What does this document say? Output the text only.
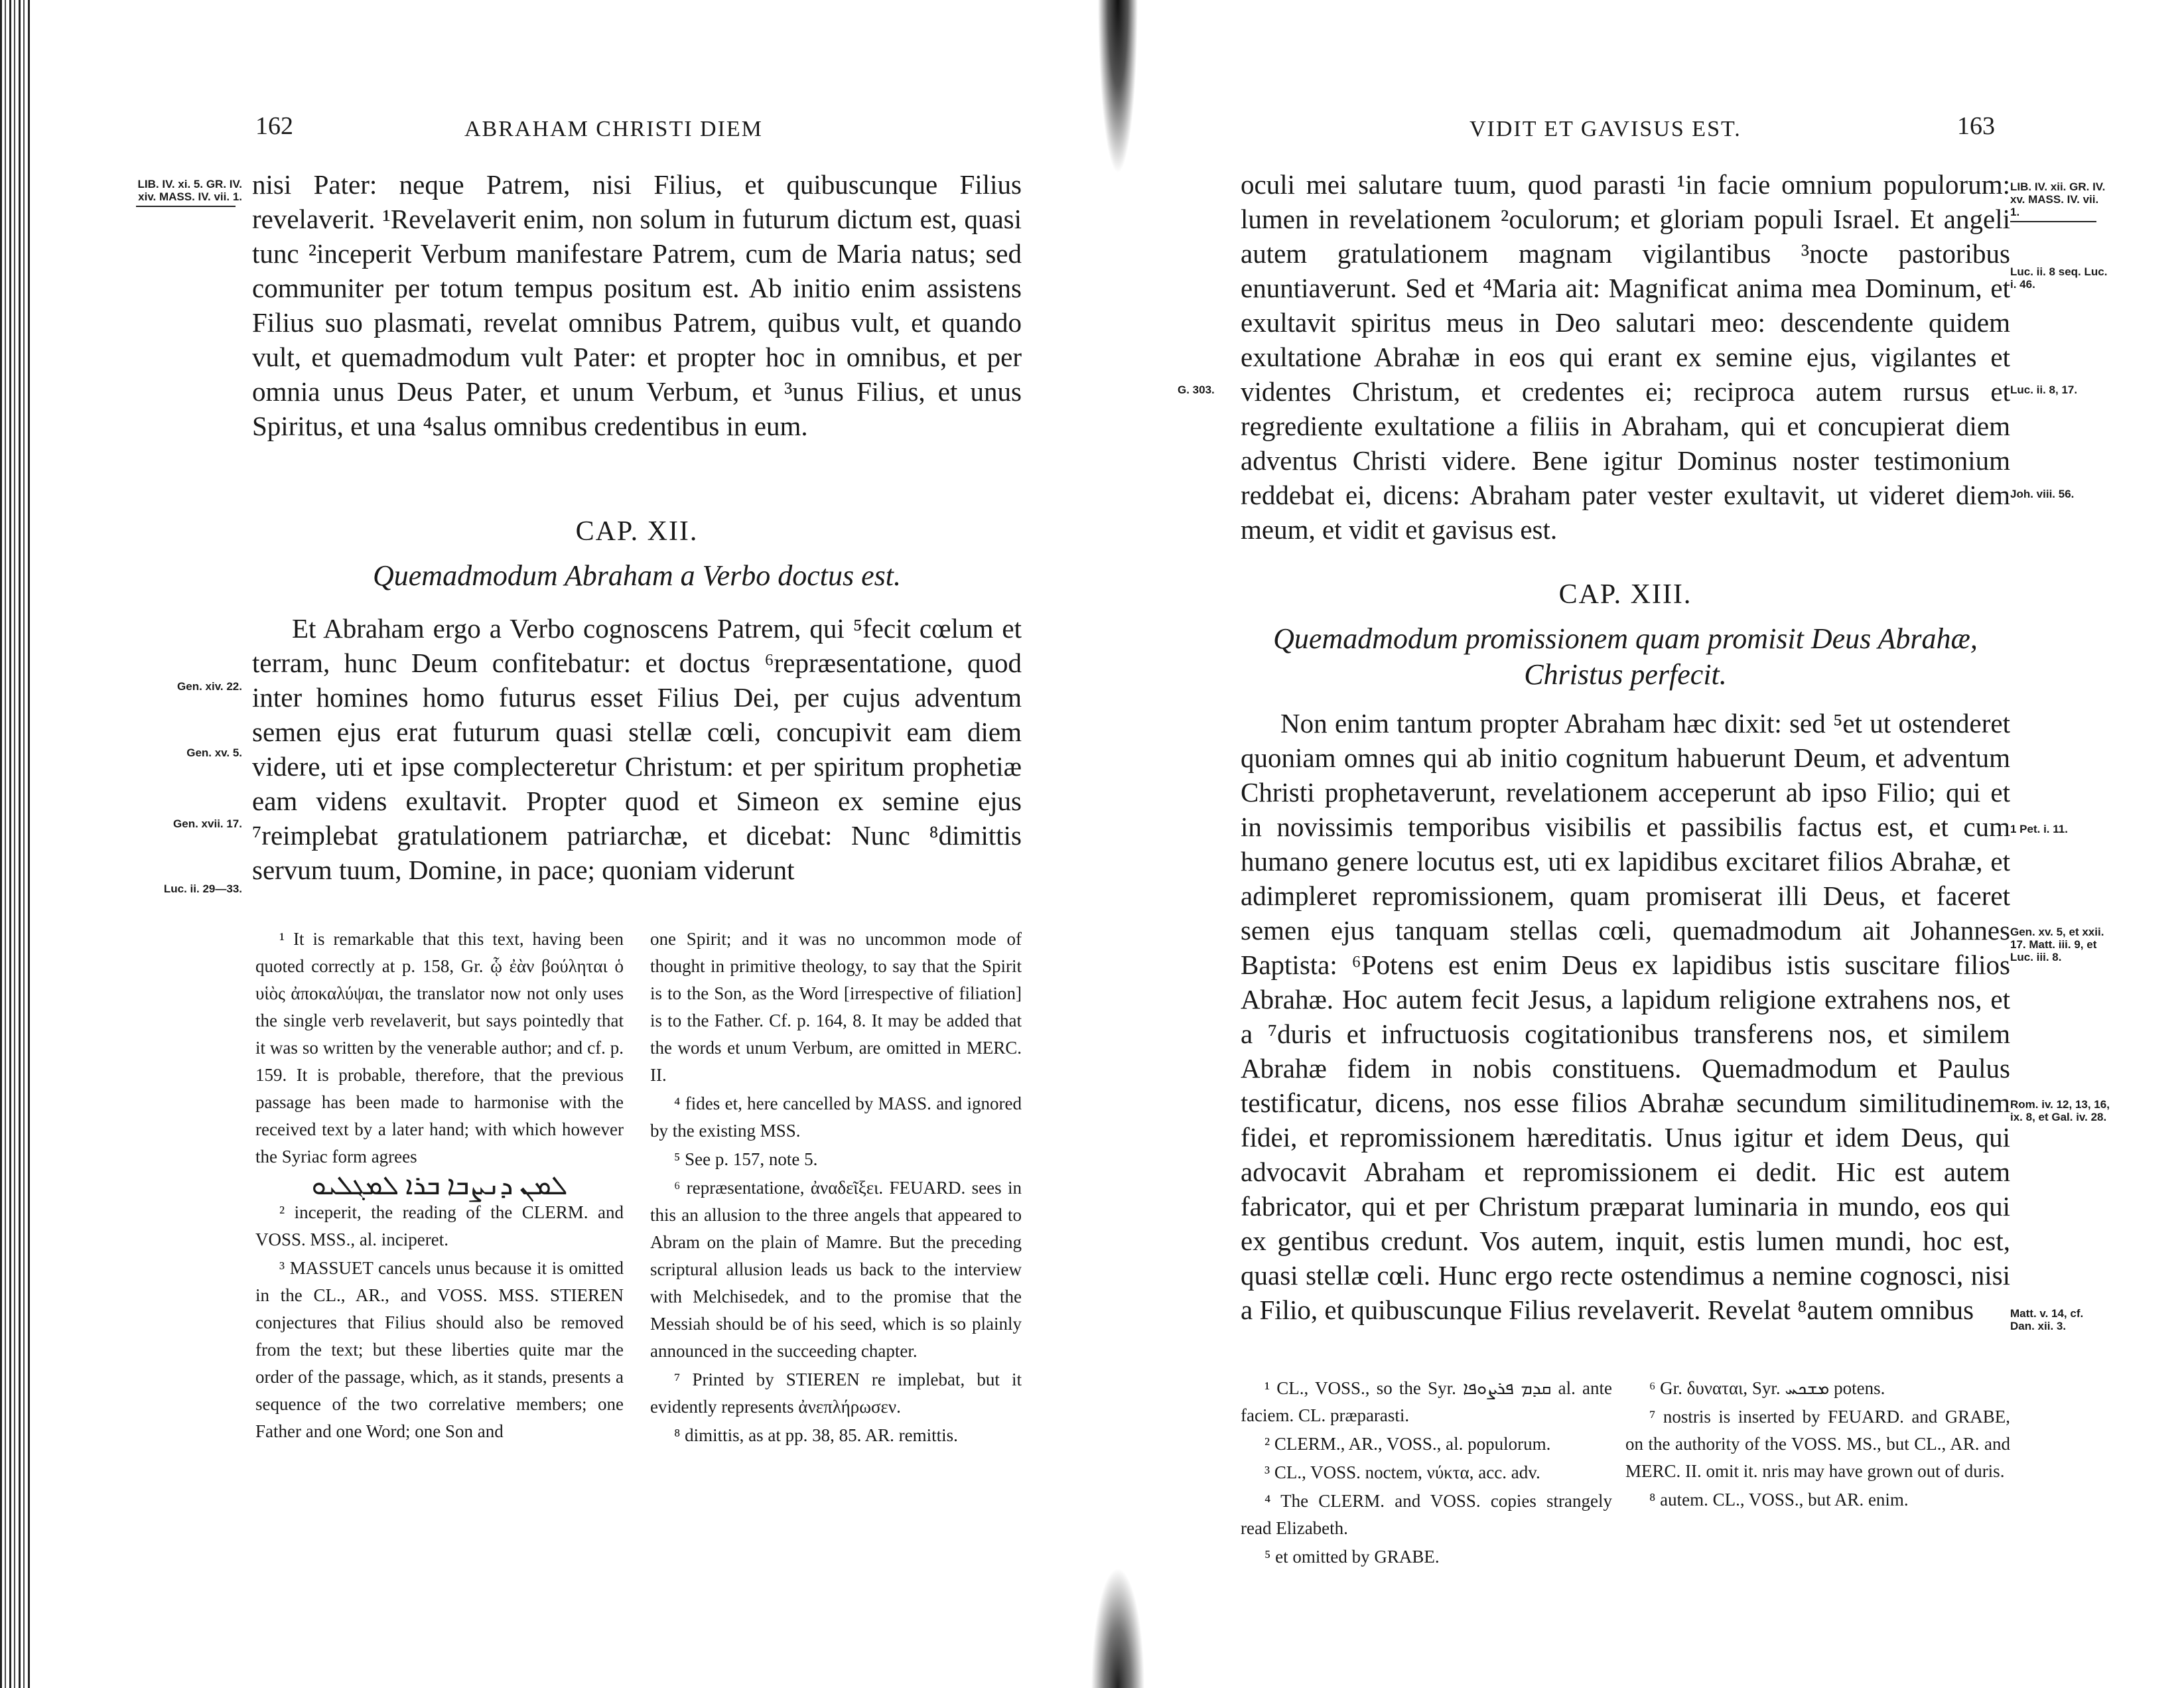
162	ABRAHAM CHRISTI DIEM

nisi Pater: neque Patrem, nisi Filius, et quibuscunque Filius revelaverit. ¹Revelaverit enim, non solum in futurum dictum est, quasi tunc ²inceperit Verbum manifestare Patrem, cum de Maria natus; sed communiter per totum tempus positum est. Ab initio enim assistens Filius suo plasmati, revelat omnibus Patrem, quibus vult, et quando vult, et quemadmodum vult Pater: et propter hoc in omnibus, et per omnia unus Deus Pater, et unum Verbum, et ³unus Filius, et unus Spiritus, et una ⁴salus omnibus credentibus in eum.

CAP. XII.
Quemadmodum Abraham a Verbo doctus est.

Et Abraham ergo a Verbo cognoscens Patrem, qui ⁵fecit cœlum et terram, hunc Deum confitebatur: et doctus ⁶repræsentatione, quod inter homines homo futurus esset Filius Dei, per cujus adventum semen ejus erat futurum quasi stellæ cœli, concupivit eam diem videre, uti et ipse complecteretur Christum: et per spiritum prophetiæ eam videns exultavit. Propter quod et Simeon ex semine ejus ⁷reimplebat gratulationem patriarchæ, et dicebat: Nunc ⁸dimittis servum tuum, Domine, in pace; quoniam viderunt

¹ It is remarkable that this text, having been quoted correctly at p. 158, Gr. ᾧ ἐὰν βούληται ὁ υἱὸς ἀποκαλύψαι, the translator now not only uses the single verb revelaverit, but says pointedly that it was so written by the venerable author; and cf. p. 159. It is probable, therefore, that the previous passage has been made to harmonise with the received text by a later hand; with which however the Syriac form agrees

ܠܡܢ ܕܢܨܒܐ ܒܪܐ ܠܡܓܠܝܘ

² inceperit, the reading of the CLERM. and VOSS. MSS., al. inciperet.

³ MASSUET cancels unus because it is omitted in the CL., AR., and VOSS. MSS. STIEREN conjectures that Filius should also be removed from the text; but these liberties quite mar the order of the passage, which, as it stands, presents a sequence of the two correlative members; one Father and one Word; one Son and

one Spirit; and it was no uncommon mode of thought in primitive theology, to say that the Spirit is to the Son, as the Word [irrespective of filiation] is to the Father. Cf. p. 164, 8. It may be added that the words et unum Verbum, are omitted in MERC. II.

⁴ fides et, here cancelled by MASS. and ignored by the existing MSS.

⁵ See p. 157, note 5.

⁶ repræsentatione, ἀναδεῖξει. FEUARD. sees in this an allusion to the three angels that appeared to Abram on the plain of Mamre. But the preceding scriptural allusion leads us back to the interview with Melchisedek, and to the promise that the Messiah should be of his seed, which is so plainly announced in the succeeding chapter.

⁷ Printed by STIEREN re implebat, but it evidently represents ἀνεπλήρωσεν.

⁸ dimittis, as at pp. 38, 85. AR. remittis.

LIB. IV. xi. 5. GR. IV. xiv. MASS. IV. vii. 1.
Gen. xiv. 22.
Gen. xv. 5.
Gen. xvii. 17.
Luc. ii. 29—33.
VIDIT ET GAVISUS EST.	163

oculi mei salutare tuum, quod parasti ¹in facie omnium populorum: lumen in revelationem ²oculorum; et gloriam populi Israel. Et angeli autem gratulationem magnam vigilantibus ³nocte pastoribus enuntiaverunt. Sed et ⁴Maria ait: Magnificat anima mea Dominum, et exultavit spiritus meus in Deo salutari meo: descendente quidem exultatione Abrahæ in eos qui erant ex semine ejus, vigilantes et videntes Christum, et credentes ei; reciproca autem rursus et regrediente exultatione a filiis in Abraham, qui et concupierat diem adventus Christi videre. Bene igitur Dominus noster testimonium reddebat ei, dicens: Abraham pater vester exultavit, ut videret diem meum, et vidit et gavisus est.

CAP. XIII.
Quemadmodum promissionem quam promisit Deus Abrahæ, Christus perfecit.

Non enim tantum propter Abraham hæc dixit: sed ⁵et ut ostenderet quoniam omnes qui ab initio cognitum habuerunt Deum, et adventum Christi prophetaverunt, revelationem acceperunt ab ipso Filio; qui et in novissimis temporibus visibilis et passibilis factus est, et cum humano genere locutus est, uti ex lapidibus excitaret filios Abrahæ, et adimpleret repromissionem, quam promiserat illi Deus, et faceret semen ejus tanquam stellas cœli, quemadmodum ait Johannes Baptista: ⁶Potens est enim Deus ex lapidibus istis suscitare filios Abrahæ. Hoc autem fecit Jesus, a lapidum religione extrahens nos, et a ⁷duris et infructuosis cogitationibus transferens nos, et similem Abrahæ fidem in nobis constituens. Quemadmodum et Paulus testificatur, dicens, nos esse filios Abrahæ secundum similitudinem fidei, et repromissionem hæreditatis. Unus igitur et idem Deus, qui advocavit Abraham et repromissionem ei dedit. Hic est autem fabricator, qui et per Christum præparat luminaria in mundo, eos qui ex gentibus credunt. Vos autem, inquit, estis lumen mundi, hoc est, quasi stellæ cœli. Hunc ergo recte ostendimus a nemine cognosci, nisi a Filio, et quibuscunque Filius revelaverit. Revelat ⁸autem omnibus

¹ CL., VOSS., so the Syr. ܩܕܡ ܦܪܨܘܦܐ al. ante faciem. CL. præparasti.

² CLERM., AR., VOSS., al. populorum.

³ CL., VOSS. noctem, νύκτα, acc. adv.

⁴ The CLERM. and VOSS. copies strangely read Elizabeth.

⁵ et omitted by GRABE.

⁶ Gr. δυναται, Syr. ܡܫܟܚ potens.

⁷ nostris is inserted by FEUARD. and GRABE, on the authority of the VOSS. MS., but CL., AR. and MERC. II. omit it. nris may have grown out of duris.

⁸ autem. CL., VOSS., but AR. enim.

G. 303.
LIB. IV. xii. GR. IV. xv. MASS. IV. vii. 1.
Luc. ii. 8 seq. Luc. i. 46.
Luc. ii. 8, 17.
Joh. viii. 56.
1 Pet. i. 11.
Gen. xv. 5, et xxii. 17. Matt. iii. 9, et Luc. iii. 8.
Rom. iv. 12, 13, 16, ix. 8, et Gal. iv. 28.
Matt. v. 14, cf. Dan. xii. 3.
